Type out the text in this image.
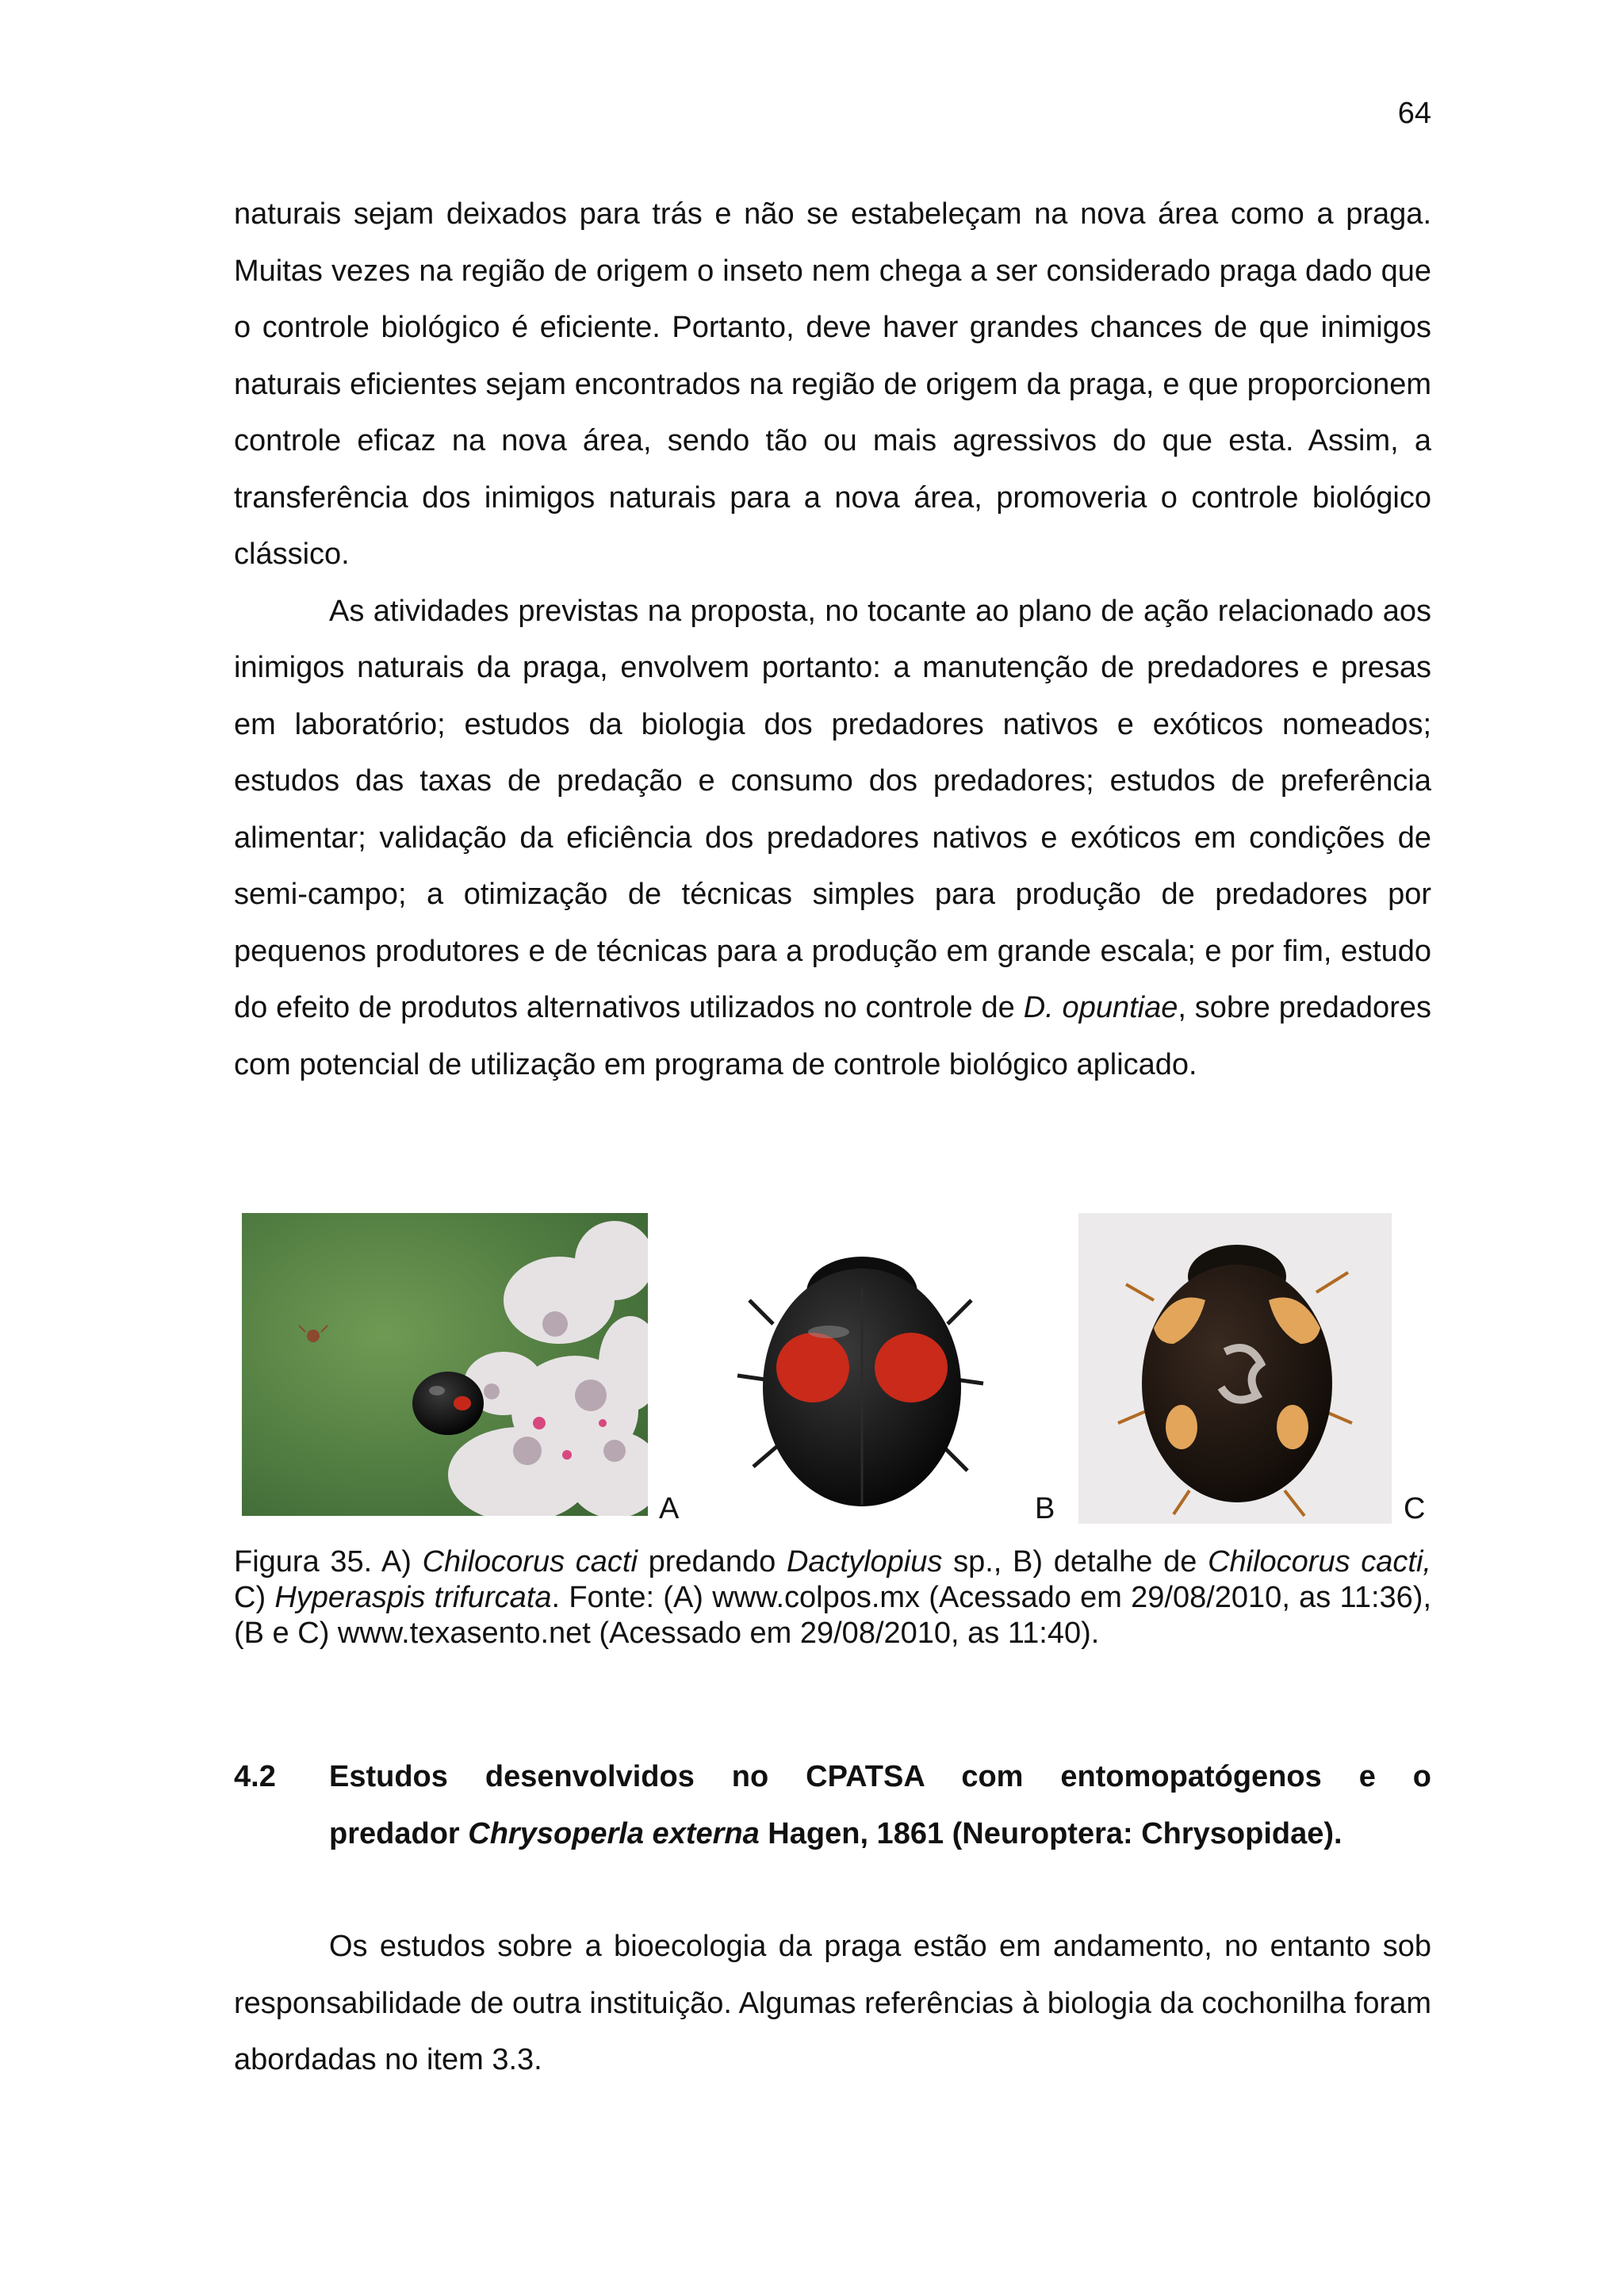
64

naturais sejam deixados para trás e não se estabeleçam na nova área como a praga. Muitas vezes na região de origem o inseto nem chega a ser considerado praga dado que o controle biológico é eficiente. Portanto, deve haver grandes chances de que inimigos naturais eficientes sejam encontrados na região de origem da praga, e que proporcionem controle eficaz na nova área, sendo tão ou mais agressivos do que esta. Assim, a transferência dos inimigos naturais para a nova área, promoveria o controle biológico clássico.

As atividades previstas na proposta, no tocante ao plano de ação relacionado aos inimigos naturais da praga, envolvem portanto: a manutenção de predadores e presas em laboratório; estudos da biologia dos predadores nativos e exóticos nomeados; estudos das taxas de predação e consumo dos predadores; estudos de preferência alimentar; validação da eficiência dos predadores nativos e exóticos em condições de semi-campo; a otimização de técnicas simples para produção de predadores por pequenos produtores e de técnicas para a produção em grande escala; e por fim, estudo do efeito de produtos alternativos utilizados no controle de D. opuntiae, sobre predadores com potencial de utilização em programa de controle biológico aplicado.

A	B	C
Figura 35. A) Chilocorus cacti predando Dactylopius sp., B) detalhe de Chilocorus cacti, C) Hyperaspis trifurcata. Fonte: (A) www.colpos.mx (Acessado em 29/08/2010, as 11:36), (B e C) www.texasento.net (Acessado em 29/08/2010, as 11:40).
4.2 Estudos desenvolvidos no CPATSA com entomopatógenos e o
predador Chrysoperla externa Hagen, 1861 (Neuroptera: Chrysopidae).

Os estudos sobre a bioecologia da praga estão em andamento, no entanto sob responsabilidade de outra instituição. Algumas referências à biologia da cochonilha foram abordadas no item 3.3.
